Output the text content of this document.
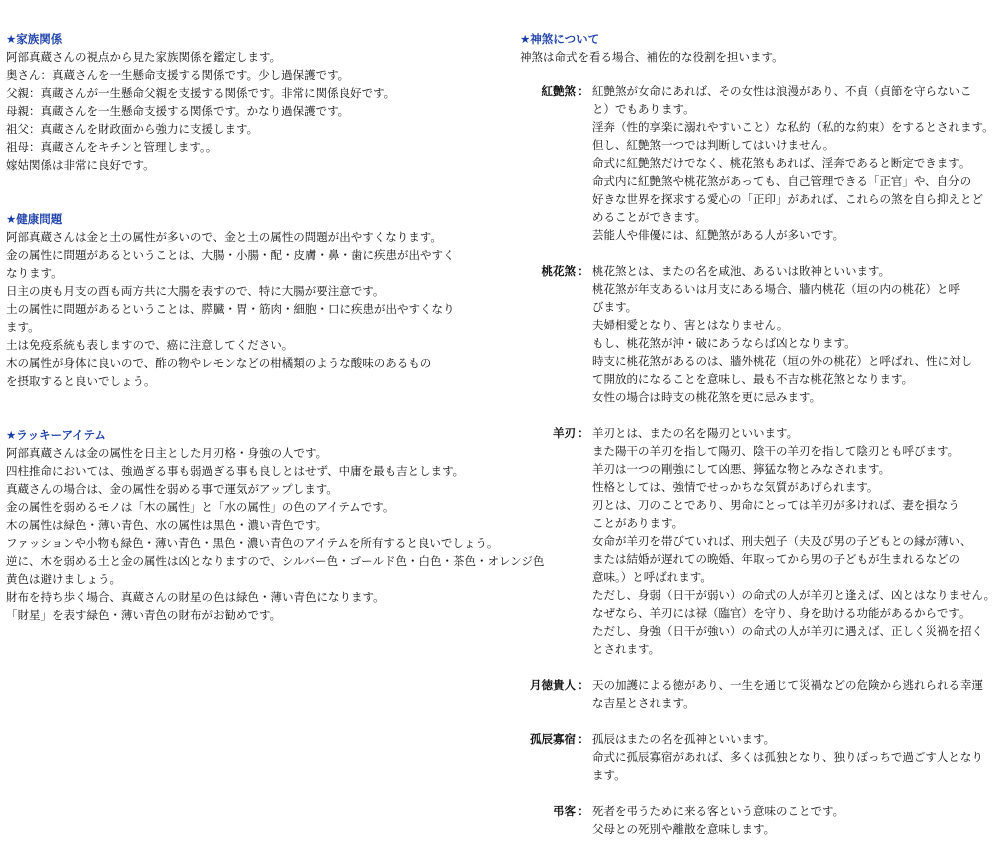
★家族関係
阿部真蔵さんの視点から見た家族関係を鑑定します。
奥さん：真蔵さんを一生懸命支援する関係です。少し過保護です。
父親：真蔵さんが一生懸命父親を支援する関係です。非常に関係良好です。
母親：真蔵さんを一生懸命支援する関係です。かなり過保護です。
祖父：真蔵さんを財政面から強力に支援します。
祖母：真蔵さんをキチンと管理します。。
嫁姑関係は非常に良好です。
★健康問題
阿部真蔵さんは金と土の属性が多いので、金と土の属性の問題が出やすくなります。
金の属性に問題があるということは、大腸・小腸・配・皮膚・鼻・歯に疾患が出やすく
なります。
日主の庚も月支の酉も両方共に大腸を表すので、特に大腸が要注意です。
土の属性に問題があるということは、膵臓・胃・筋肉・細胞・口に疾患が出やすくなり
ます。
土は免疫系統も表しますので、癌に注意してください。
木の属性が身体に良いので、酢の物やレモンなどの柑橘類のような酸味のあるもの
を摂取すると良いでしょう。
★ラッキーアイテム
阿部真蔵さんは金の属性を日主とした月刃格・身強の人です。
四柱推命においては、強過ぎる事も弱過ぎる事も良しとはせず、中庸を最も吉とします。
真蔵さんの場合は、金の属性を弱める事で運気がアップします。
金の属性を弱めるモノは「木の属性」と「水の属性」の色のアイテムです。
木の属性は緑色・薄い青色、水の属性は黒色・濃い青色です。
ファッションや小物も緑色・薄い青色・黒色・濃い青色のアイテムを所有すると良いでしょう。
逆に、木を弱める土と金の属性は凶となりますので、シルバー色・ゴールド色・白色・茶色・オレンジ色
黄色は避けましょう。
財布を持ち歩く場合、真蔵さんの財星の色は緑色・薄い青色になります。
「財星」を表す緑色・薄い青色の財布がお勧めです。
★神煞について
神煞は命式を看る場合、補佐的な役割を担います。
紅艶煞： 紅艶煞が女命にあれば、その女性は浪漫があり、不貞（貞節を守らないこ
と）でもあります。
淫奔（性的享楽に溺れやすいこと）な私約（私的な約束）をするとされます。
但し、紅艶煞一つでは判断してはいけません。
命式に紅艶煞だけでなく、桃花煞もあれば、淫奔であると断定できます。
命式内に紅艶煞や桃花煞があっても、自己管理できる「正官」や、自分の
好きな世界を探求する愛心の「正印」があれば、これらの煞を自ら抑えとど
めることができます。
芸能人や俳優には、紅艶煞がある人が多いです。
桃花煞： 桃花煞とは、またの名を咸池、あるいは敗神といいます。
桃花煞が年支あるいは月支にある場合、牆内桃花（垣の内の桃花）と呼
びます。
夫婦相愛となり、害とはなりません。
もし、桃花煞が沖・破にあうならば凶となります。
時支に桃花煞があるのは、牆外桃花（垣の外の桃花）と呼ばれ、性に対し
て開放的になることを意味し、最も不吉な桃花煞となります。
女性の場合は時支の桃花煞を更に忌みます。
羊刃： 羊刃とは、またの名を陽刃といいます。
また陽干の羊刃を指して陽刃、陰干の羊刃を指して陰刃とも呼びます。
羊刃は一つの剛強にして凶悪、獰猛な物とみなされます。
性格としては、強情でせっかちな気質があげられます。
刃とは、刀のことであり、男命にとっては羊刃が多ければ、妻を損なう
ことがあります。
女命が羊刃を帯びていれば、刑夫剋子（夫及び男の子どもとの縁が薄い、
または結婚が遅れての晩婚、年取ってから男の子どもが生まれるなどの
意味。）と呼ばれます。
ただし、身弱（日干が弱い）の命式の人が羊刃と逢えば、凶とはなりません。
なぜなら、羊刃には禄（臨官）を守り、身を助ける功能があるからです。
ただし、身強（日干が強い）の命式の人が羊刃に遇えば、正しく災禍を招く
とされます。
月徳貴人： 天の加護による徳があり、一生を通じて災禍などの危険から逃れられる幸運
な吉星とされます。
孤辰寡宿： 孤辰はまたの名を孤神といいます。
命式に孤辰寡宿があれば、多くは孤独となり、独りぼっちで過ごす人となり
ます。
弔客： 死者を弔うために来る客という意味のことです。
父母との死別や離散を意味します。
